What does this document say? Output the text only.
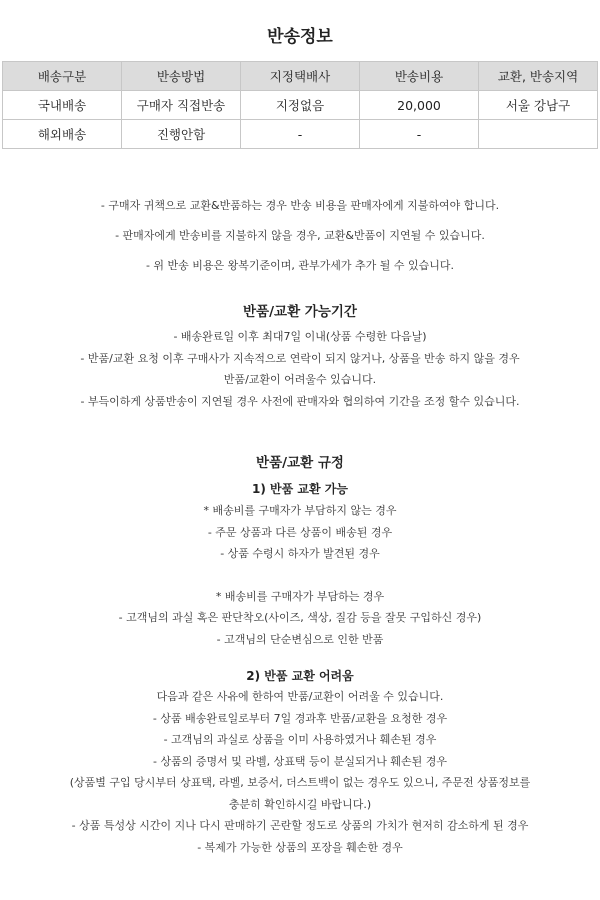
반송정보
배송구분	반송방법	지정택배사	반송비용	교환, 반송지역
국내배송	구매자 직접반송	지정없음	20,000	서울 강남구
해외배송	진행안함	-	-	

- 구매자 귀책으로 교환&반품하는 경우 반송 비용을 판매자에게 지불하여야 합니다.

- 판매자에게 반송비를 지불하지 않을 경우, 교환&반품이 지연될 수 있습니다.

- 위 반송 비용은 왕복기준이며, 관부가세가 추가 될 수 있습니다.

반품/교환 가능기간
- 배송완료일 이후 최대7일 이내(상품 수령한 다음날)
- 반품/교환 요청 이후 구매사가 지속적으로 연락이 되지 않거나, 상품을 반송 하지 않을 경우
반품/교환이 어려울수 있습니다.
- 부득이하게 상품반송이 지연될 경우 사전에 판매자와 협의하여 기간을 조정 할수 있습니다.
반품/교환 규정
1) 반품 교환 가능
* 배송비를 구매자가 부담하지 않는 경우
- 주문 상품과 다른 상품이 배송된 경우
- 상품 수령시 하자가 발견된 경우
* 배송비를 구매자가 부담하는 경우
- 고객님의 과실 혹은 판단착오(사이즈, 색상, 질감 등을 잘못 구입하신 경우)
- 고객님의 단순변심으로 인한 반품
2) 반품 교환 어려움
다음과 같은 사유에 한하여 반품/교환이 어려울 수 있습니다.
- 상품 배송완료일로부터 7일 경과후 반품/교환을 요청한 경우
- 고객님의 과실로 상품을 이미 사용하였거나 훼손된 경우
- 상품의 증명서 및 라벨, 상표택 등이 분실되거나 훼손된 경우
(상품별 구입 당시부터 상표택, 라벨, 보증서, 더스트백이 없는 경우도 있으니, 주문전 상품정보를
충분히 확인하시길 바랍니다.)
- 상품 특성상 시간이 지나 다시 판매하기 곤란할 정도로 상품의 가치가 현저히 감소하게 된 경우
- 복제가 가능한 상품의 포장을 훼손한 경우
